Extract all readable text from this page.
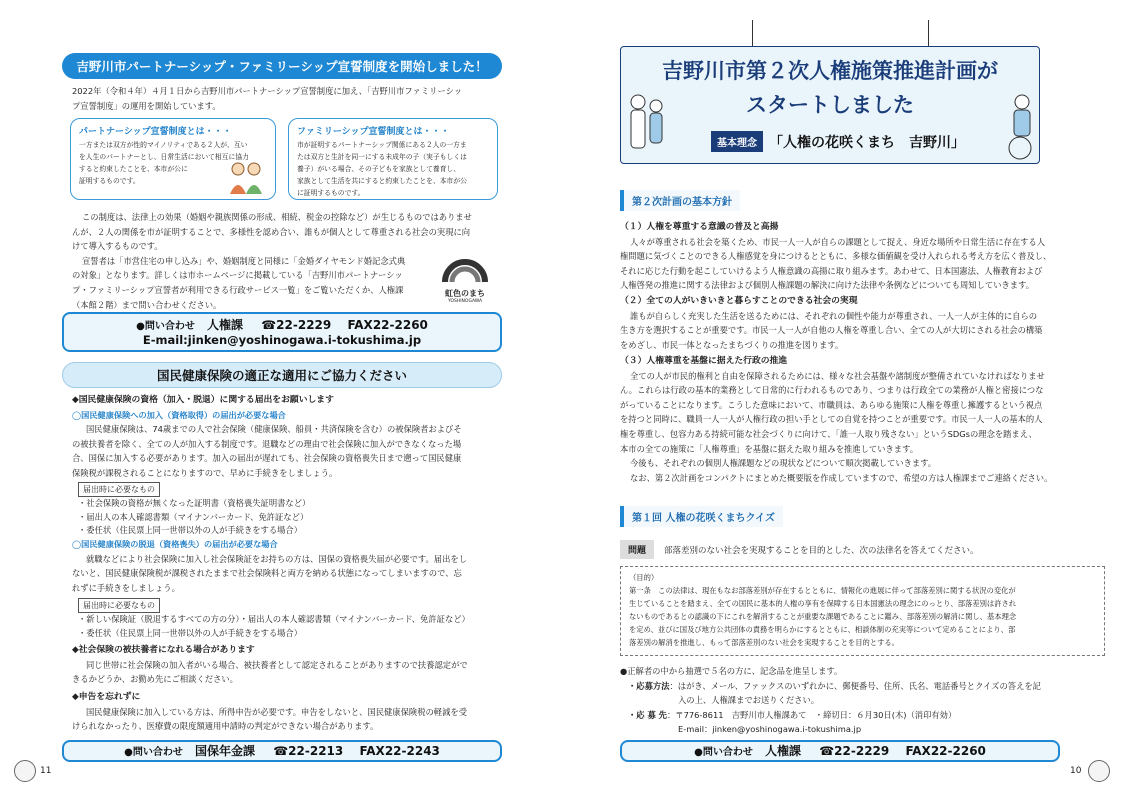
吉野川市パートナーシップ・ファミリーシップ宣誓制度を開始しました！
2022年（令和４年）４月１日から吉野川市パートナーシップ宣誓制度に加え、「吉野川市ファミリーシッ
プ宣誓制度」の運用を開始しています。
パートナーシップ宣誓制度とは・・・
一方または双方が性的マイノリティである２人が、互い
を人生のパートナーとし、日常生活において相互に協力
すると約束したことを、本市が公に
証明するものです。
ファミリーシップ宣誓制度とは・・・
市が証明するパートナーシップ関係にある２人の一方ま
たは双方と生計を同一にする未成年の子（実子もしくは
養子）がいる場合、その子どもを家族として養育し、
家族として生活を共にすると約束したことを、本市が公
に証明するものです。
この制度は、法律上の効果（婚姻や親族関係の形成、相続、税金の控除など）が生じるものではありませ
んが、２人の関係を市が証明することで、多様性を認め合い、誰もが個人として尊重される社会の実現に向
けて導入するものです。
宣誓者は「市営住宅の申し込み」や、婚姻制度と同様に「金婚ダイヤモンド婚記念式典
の対象」となります。詳しくは市ホームページに掲載している「吉野川市パートナーシッ
プ・ファミリーシップ宣誓者が利用できる行政サービス一覧」をご覧いただくか、人権課
（本館２階）まで問い合わせください。
虹色のまち
YOSHINOGAWA
●問い合わせ 人権課 ☎22-2229 FAX22-2260
E-mail:jinken@yoshinogawa.i-tokushima.jp
国民健康保険の適正な適用にご協力ください
◆国民健康保険の資格（加入・脱退）に関する届出をお願いします
◯国民健康保険への加入（資格取得）の届出が必要な場合
国民健康保険は、74歳までの人で社会保険（健康保険、船員・共済保険を含む）の被保険者およびそ
の被扶養者を除く、全ての人が加入する制度です。退職などの理由で社会保険に加入ができなくなった場
合、国保に加入する必要があります。加入の届出が遅れても、社会保険の資格喪失日まで遡って国民健康
保険税が課税されることになりますので、早めに手続きをしましょう。
届出時に必要なもの
・社会保険の資格が無くなった証明書（資格喪失証明書など）
・届出人の本人確認書類（マイナンバーカード、免許証など）
・委任状（住民票上同一世帯以外の人が手続きをする場合）
◯国民健康保険の脱退（資格喪失）の届出が必要な場合
就職などにより社会保険に加入し社会保険証をお持ちの方は、国保の資格喪失届が必要です。届出をし
ないと、国民健康保険税が課税されたままで社会保険料と両方を納める状態になってしまいますので、忘
れずに手続きをしましょう。
届出時に必要なもの
・新しい保険証（脱退するすべての方の分）・届出人の本人確認書類（マイナンバーカード、免許証など）
・委任状（住民票上同一世帯以外の人が手続きをする場合）
◆社会保険の被扶養者になれる場合があります
同じ世帯に社会保険の加入者がいる場合、被扶養者として認定されることがありますので扶養認定がで
きるかどうか、お勤め先にご相談ください。
◆申告を忘れずに
国民健康保険に加入している方は、所得申告が必要です。申告をしないと、国民健康保険税の軽減を受
けられなかったり、医療費の限度額適用申請時の判定ができない場合があります。
●問い合わせ 国保年金課 ☎22-2213 FAX22-2243
11
吉野川市第２次人権施策推進計画が
スタートしました
基本理念 「人権の花咲くまち　吉野川」
第２次計画の基本方針
（１）人権を尊重する意識の普及と高揚
人々が尊重される社会を築くため、市民一人一人が自らの課題として捉え、身近な場所や日常生活に存在する人
権問題に気づくことのできる人権感覚を身につけるとともに、多様な価値観を受け入れられる考え方を広く普及し、
それに応じた行動を起こしていけるよう人権意識の高揚に取り組みます。あわせて、日本国憲法、人権教育および
人権啓発の推進に関する法律および個別人権課題の解決に向けた法律や条例などについても周知していきます。
（２）全ての人がいきいきと暮らすことのできる社会の実現
誰もが自らしく充実した生活を送るためには、それぞれの個性や能力が尊重され、一人一人が主体的に自らの
生き方を選択することが重要です。市民一人一人が自他の人権を尊重し合い、全ての人が大切にされる社会の構築
をめざし、市民一体となったまちづくりの推進を図ります。
（３）人権尊重を基盤に据えた行政の推進
全ての人が市民的権利と自由を保障されるためには、様々な社会基盤や諸制度が整備されていなければなりませ
ん。これらは行政の基本的業務として日常的に行われるものであり、つまりは行政全ての業務が人権と密接につな
がっていることになります。こうした意味において、市職員は、あらゆる施策に人権を尊重し擁護するという視点
を持つと同時に、職員一人一人が人権行政の担い手としての自覚を持つことが重要です。市民一人一人の基本的人
権を尊重し、包容力ある持続可能な社会づくりに向けて、「誰一人取り残さない」というSDGsの理念を踏まえ、
本市の全ての施策に「人権尊重」を基盤に据えた取り組みを推進していきます。
今後も、それぞれの個別人権課題などの現状などについて順次掲載していきます。
なお、第２次計画をコンパクトにまとめた概要版を作成していますので、希望の方は人権課までご連絡ください。
第１回 人権の花咲くまちクイズ
問題	部落差別のない社会を実現することを目的とした、次の法律名を答えてください。
（目的）
第一条　この法律は、現在もなお部落差別が存在するとともに、情報化の進展に伴って部落差別に関する状況の変化が
生じていることを踏まえ、全ての国民に基本的人権の享有を保障する日本国憲法の理念にのっとり、部落差別は許され
ないものであるとの認識の下にこれを解消することが重要な課題であることに鑑み、部落差別の解消に関し、基本理念
を定め、並びに国及び地方公共団体の責務を明らかにするとともに、相談体制の充実等について定めることにより、部
落差別の解消を推進し、もって部落差別のない社会を実現することを目的とする。
●正解者の中から抽選で５名の方に、記念品を進呈します。
・応募方法：はがき、メール、ファックスのいずれかに、郵便番号、住所、氏名、電話番号とクイズの答えを記
入の上、人権課までお送りください。
・応 募 先：〒776-8611　吉野川市人権課あて　・締切日：６月30日(木)（消印有効）
E-mail：jinken@yoshinogawa.i-tokushima.jp
●問い合わせ 人権課 ☎22-2229 FAX22-2260
10
